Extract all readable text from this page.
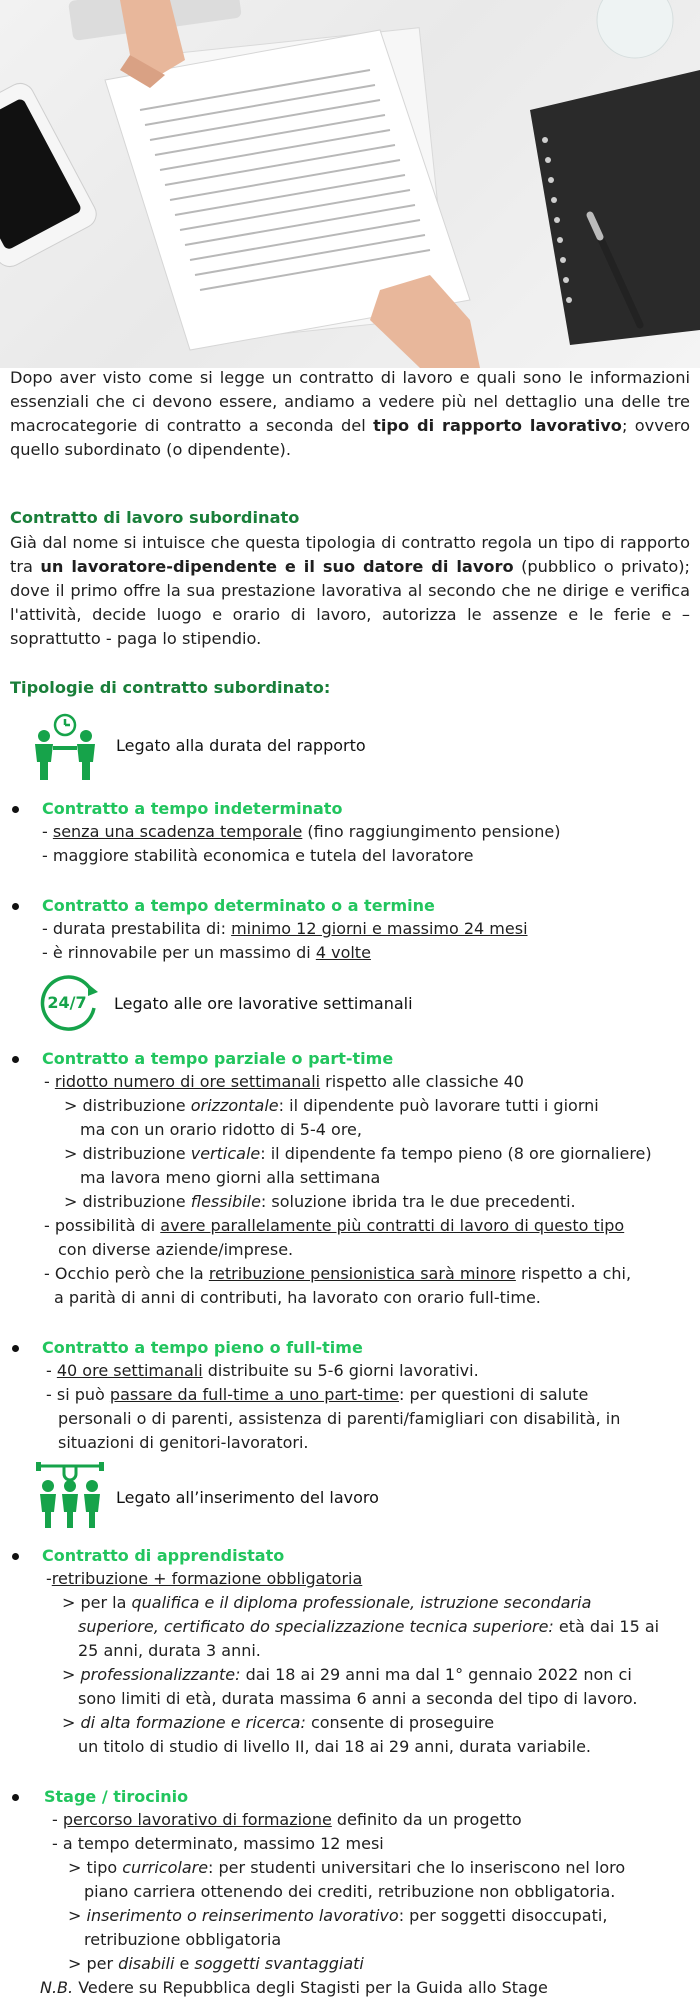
Dopo aver visto come si legge un contratto di lavoro e quali sono le informazioni essenziali che ci devono essere, andiamo a vedere più nel dettaglio una delle tre macrocategorie di contratto a seconda del tipo di rapporto lavorativo; ovvero quello subordinato (o dipendente).
Contratto di lavoro subordinato
Già dal nome si intuisce che questa tipologia di contratto regola un tipo di rapporto tra un lavoratore-dipendente e il suo datore di lavoro (pubblico o privato); dove il primo offre la sua prestazione lavorativa al secondo che ne dirige e verifica l'attività, decide luogo e orario di lavoro, autorizza le assenze e le ferie e – soprattutto - paga lo stipendio.
Tipologie di contratto subordinato:
Legato alla durata del rapporto
Contratto a tempo indeterminato
- senza una scadenza temporale (fino raggiungimento pensione)
- maggiore stabilità economica e tutela del lavoratore
Contratto a tempo determinato o a termine
- durata prestabilita di: minimo 12 giorni e massimo 24 mesi
- è rinnovabile per un massimo di 4 volte
24/7 Legato alle ore lavorative settimanali
Contratto a tempo parziale o part-time
- ridotto numero di ore settimanali rispetto alle classiche 40
> distribuzione orizzontale: il dipendente può lavorare tutti i giorni
ma con un orario ridotto di 5-4 ore,
> distribuzione verticale: il dipendente fa tempo pieno (8 ore giornaliere)
ma lavora meno giorni alla settimana
> distribuzione flessibile: soluzione ibrida tra le due precedenti.
- possibilità di avere parallelamente più contratti di lavoro di questo tipo
con diverse aziende/imprese.
- Occhio però che la retribuzione pensionistica sarà minore rispetto a chi,
a parità di anni di contributi, ha lavorato con orario full-time.
Contratto a tempo pieno o full-time
- 40 ore settimanali distribuite su 5-6 giorni lavorativi.
- si può passare da full-time a uno part-time: per questioni di salute
personali o di parenti, assistenza di parenti/famigliari con disabilità, in
situazioni di genitori-lavoratori.
Legato all’inserimento del lavoro
Contratto di apprendistato
-retribuzione + formazione obbligatoria
> per la qualifica e il diploma professionale, istruzione secondaria
superiore, certificato do specializzazione tecnica superiore: età dai 15 ai
25 anni, durata 3 anni.
> professionalizzante: dai 18 ai 29 anni ma dal 1° gennaio 2022 non ci
sono limiti di età, durata massima 6 anni a seconda del tipo di lavoro.
> di alta formazione e ricerca: consente di proseguire
un titolo di studio di livello II, dai 18 ai 29 anni, durata variabile.
Stage / tirocinio
- percorso lavorativo di formazione definito da un progetto
- a tempo determinato, massimo 12 mesi
> tipo curricolare: per studenti universitari che lo inseriscono nel loro
piano carriera ottenendo dei crediti, retribuzione non obbligatoria.
> inserimento o reinserimento lavorativo: per soggetti disoccupati,
retribuzione obbligatoria
> per disabili e soggetti svantaggiati
N.B. Vedere su Repubblica degli Stagisti per la Guida allo Stage
